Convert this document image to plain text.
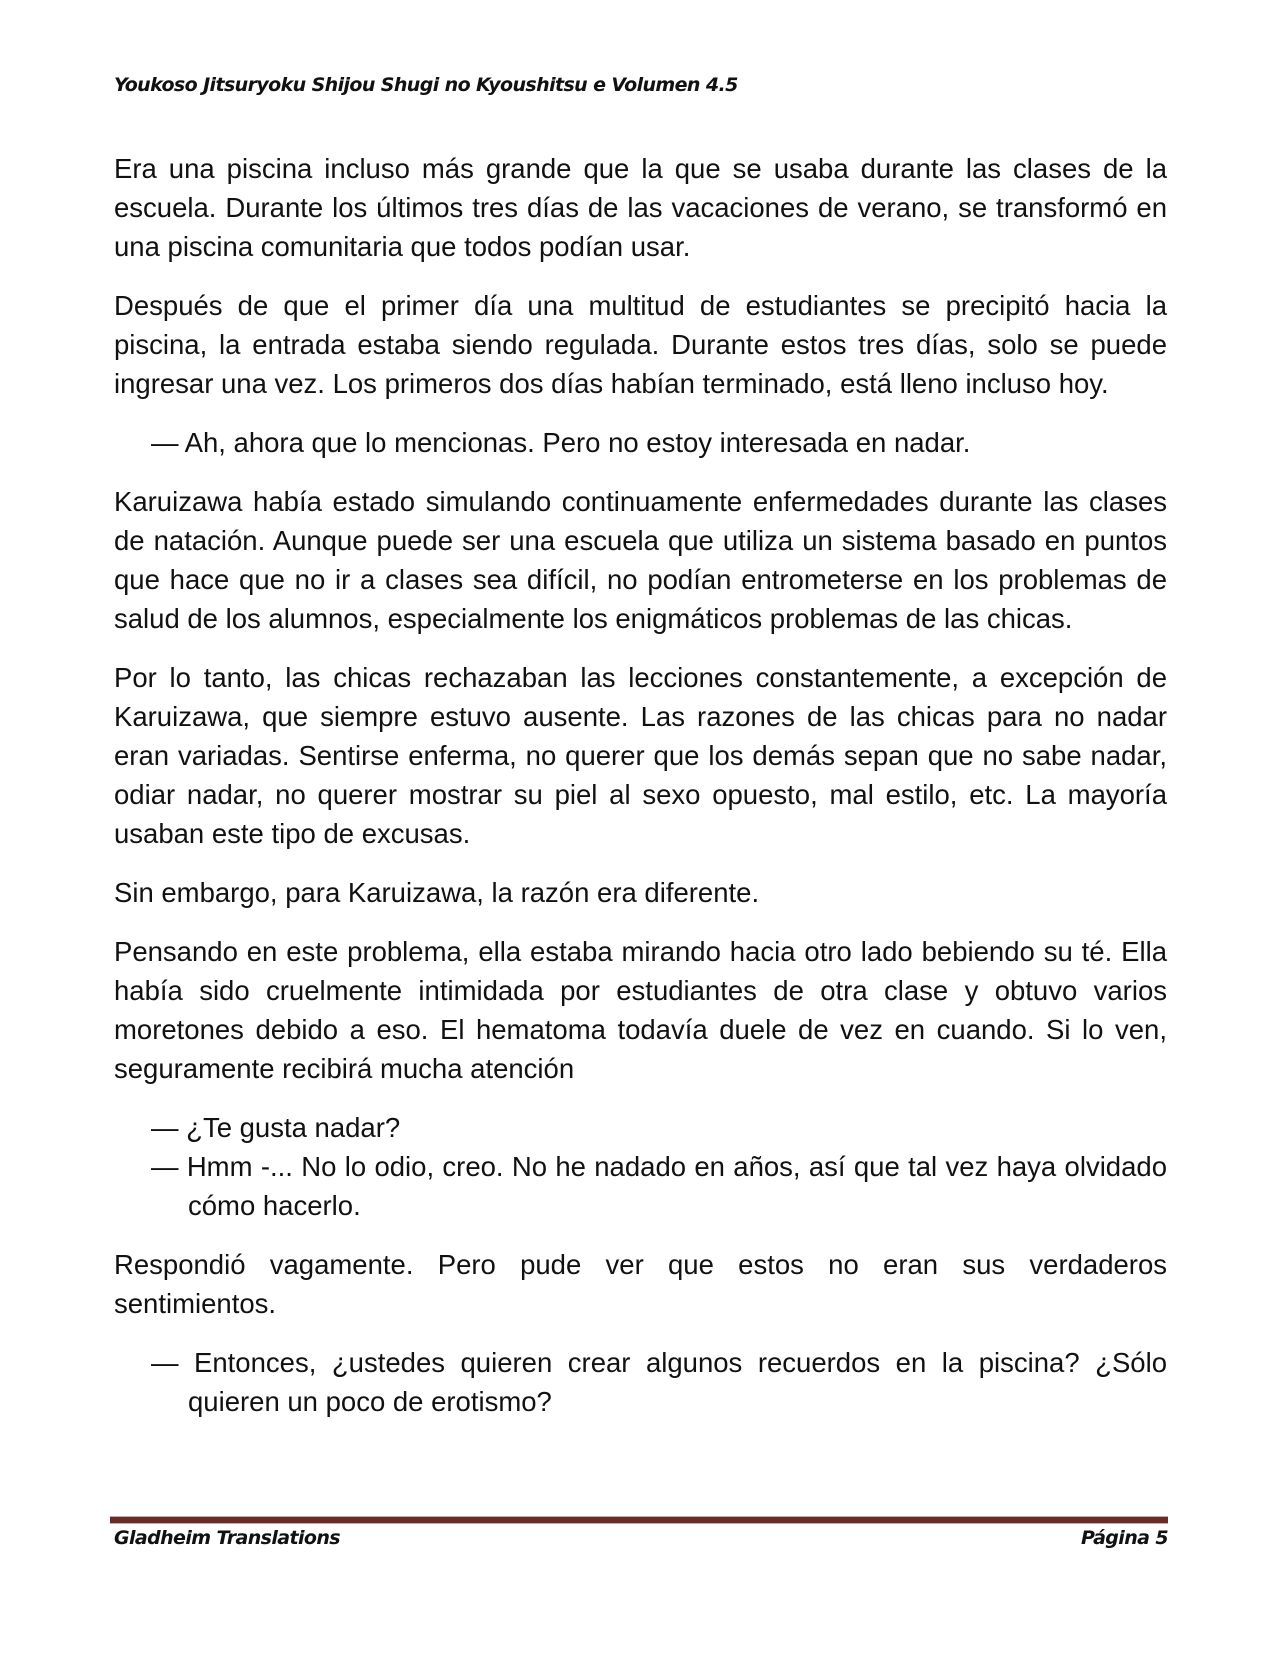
Youkoso Jitsuryoku Shijou Shugi no Kyoushitsu e Volumen 4.5

Era una piscina incluso más grande que la que se usaba durante las clases de la escuela. Durante los últimos tres días de las vacaciones de verano, se transformó en una piscina comunitaria que todos podían usar.

Después de que el primer día una multitud de estudiantes se precipitó hacia la piscina, la entrada estaba siendo regulada. Durante estos tres días, solo se puede ingresar una vez. Los primeros dos días habían terminado, está lleno incluso hoy.

— Ah, ahora que lo mencionas. Pero no estoy interesada en nadar.

Karuizawa había estado simulando continuamente enfermedades durante las clases de natación. Aunque puede ser una escuela que utiliza un sistema basado en puntos que hace que no ir a clases sea difícil, no podían entrometerse en los problemas de salud de los alumnos, especialmente los enigmáticos problemas de las chicas.

Por lo tanto, las chicas rechazaban las lecciones constantemente, a excepción de Karuizawa, que siempre estuvo ausente. Las razones de las chicas para no nadar eran variadas. Sentirse enferma, no querer que los demás sepan que no sabe nadar, odiar nadar, no querer mostrar su piel al sexo opuesto, mal estilo, etc. La mayoría usaban este tipo de excusas.

Sin embargo, para Karuizawa, la razón era diferente.

Pensando en este problema, ella estaba mirando hacia otro lado bebiendo su té. Ella había sido cruelmente intimidada por estudiantes de otra clase y obtuvo varios moretones debido a eso. El hematoma todavía duele de vez en cuando. Si lo ven, seguramente recibirá mucha atención

— ¿Te gusta nadar?

— Hmm -... No lo odio, creo. No he nadado en años, así que tal vez haya olvidado cómo hacerlo.

Respondió vagamente. Pero pude ver que estos no eran sus verdaderos sentimientos.

— Entonces, ¿ustedes quieren crear algunos recuerdos en la piscina? ¿Sólo quieren un poco de erotismo?

Gladheim Translations	Página 5
